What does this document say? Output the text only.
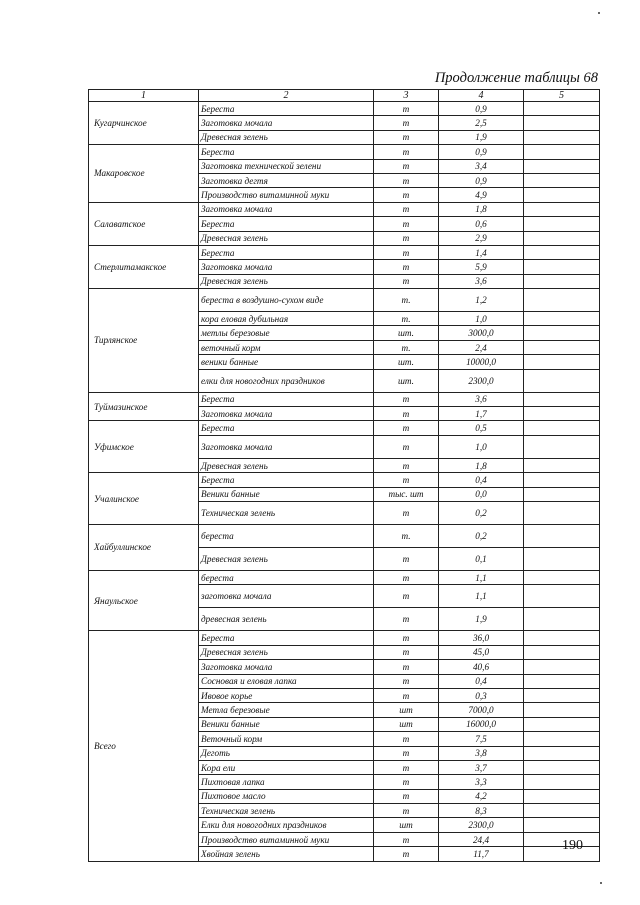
Продолжение таблицы 68
1	2	3	4	5
Кугарчинское	Береста	т	0,9	
	Заготовка мочала	т	2,5	
	Древесная зелень	т	1,9	
Макаровское	Береста	т	0,9	
	Заготовка технической зелени	т	3,4	
	Заготовка дегтя	т	0,9	
	Производство витаминной муки	т	4,9	
Салаватское	Заготовка мочала	т	1,8	
	Береста	т	0,6	
	Древесная зелень	т	2,9	
Стерлитамакское	Береста	т	1,4	
	Заготовка мочала	т	5,9	
	Древесная зелень	т	3,6	
Тирлянское	береста в воздушно-сухом виде	т.	1,2	
	кора еловая дубильная	т.	1,0	
	метлы березовые	шт.	3000,0	
	веточный корм	т.	2,4	
	веники банные	шт.	10000,0	
	елки для новогодних праздников	шт.	2300,0	
Туймазинское	Береста	т	3,6	
	Заготовка мочала	т	1,7	
Уфимское	Береста	т	0,5	
	Заготовка мочала	т	1,0	
	Древесная зелень	т	1,8	
Учалинское	Береста	т	0,4	
	Веники банные	тыс. шт	0,0	
	Техническая зелень	т	0,2	
Хайбуллинское	береста	т.	0,2	
	Древесная зелень	т	0,1	
Янаульское	береста	т	1,1	
	заготовка мочала	т	1,1	
	древесная зелень	т	1,9	
Всего	Береста	т	36,0	
	Древесная зелень	т	45,0	
	Заготовка мочала	т	40,6	
	Сосновая и еловая лапка	т	0,4	
	Ивовое корье	т	0,3	
	Метла березовые	шт	7000,0	
	Веники банные	шт	16000,0	
	Веточный корм	т	7,5	
	Деготь	т	3,8	
	Кора ели	т	3,7	
	Пихтовая лапка	т	3,3	
	Пихтовое масло	т	4,2	
	Техническая зелень	т	8,3	
	Елки для новогодних праздников	шт	2300,0	
	Производство витаминной муки	т	24,4	
	Хвойная зелень	т	11,7	
190
